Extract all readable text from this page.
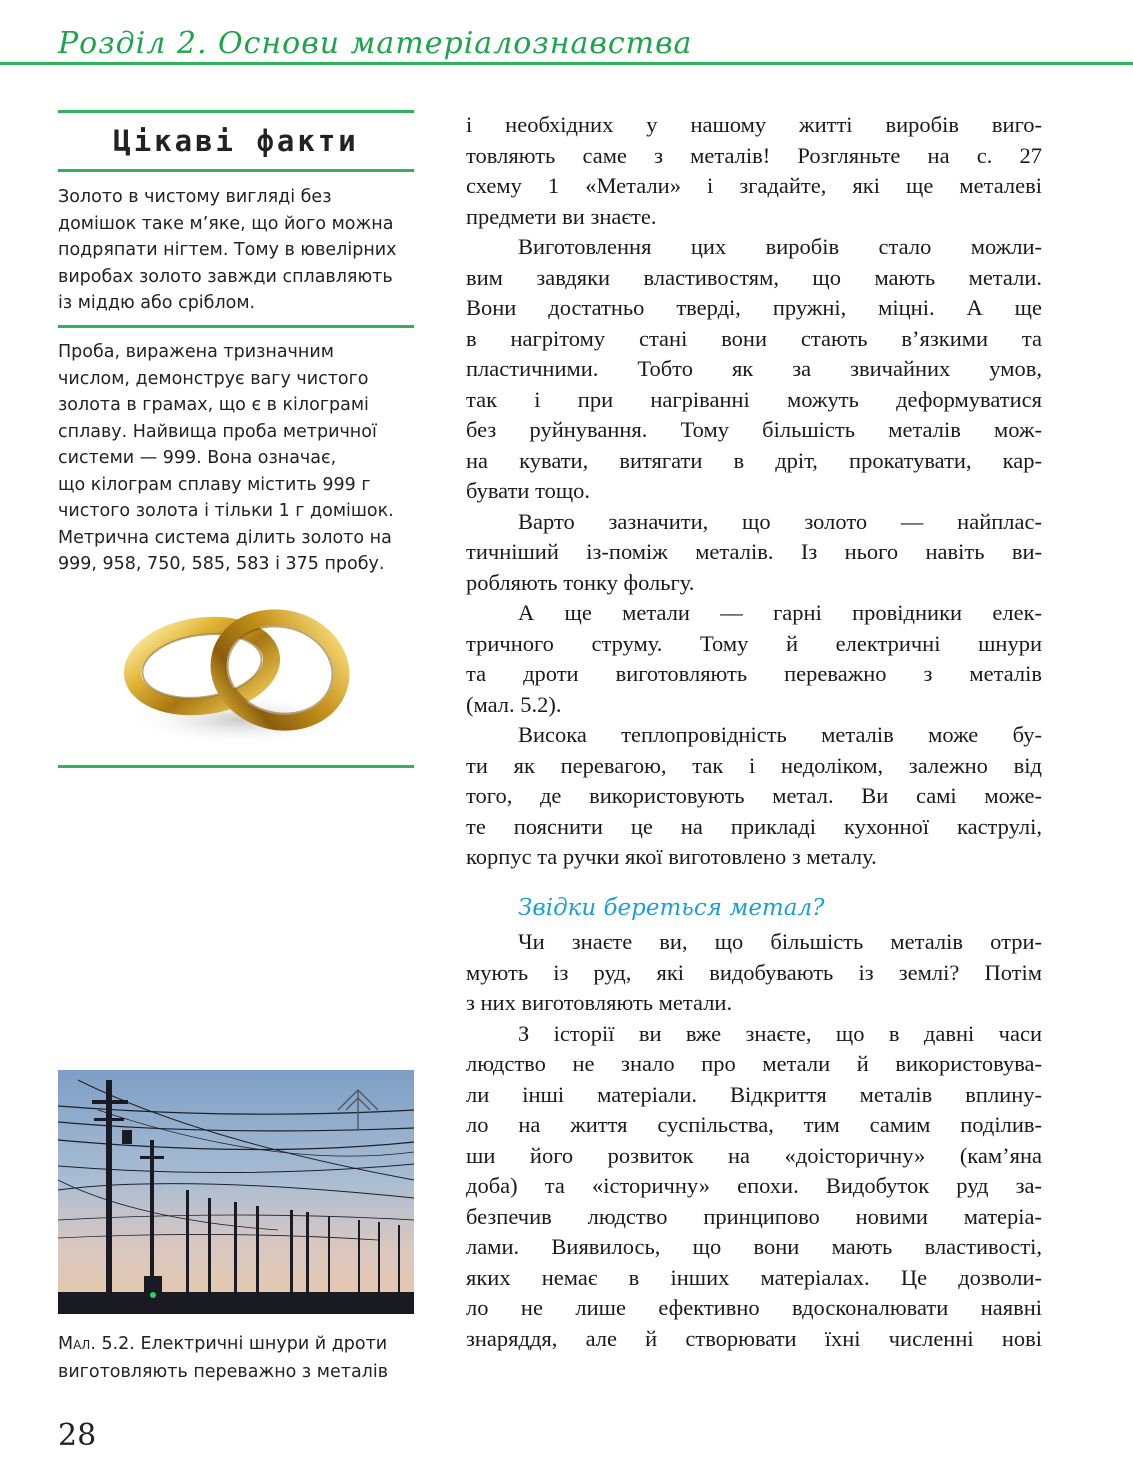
Розділ 2. Основи матеріалознавства
Цікаві факти
Золото в чистому вигляді без
домішок таке м’яке, що його можна
подряпати нігтем. Тому в ювелірних
виробах золото завжди сплавляють
із міддю або сріблом.
Проба, виражена тризначним
числом, демонструє вагу чистого
золота в грамах, що є в кілограмі
сплаву. Найвища проба метричної
системи — 999. Вона означає,
що кілограм сплаву містить 999 г
чистого золота і тільки 1 г домішок.
Метрична система ділить золото на
999, 958, 750, 585, 583 і 375 пробу.
Мал. 5.2. Електричні шнури й дроти
виготовляють переважно з металів
28
і необхідних у нашому житті виробів виго-
товляють саме з металів! Розгляньте на с. 27
схему 1 «Метали» і згадайте, які ще металеві
предмети ви знаєте.
Виготовлення цих виробів стало можли-
вим завдяки властивостям, що мають метали.
Вони достатньо тверді, пружні, міцні. А ще
в нагрітому стані вони стають в’язкими та
пластичними. Тобто як за звичайних умов,
так і при нагріванні можуть деформуватися
без руйнування. Тому більшість металів мож-
на кувати, витягати в дріт, прокатувати, кар-
бувати тощо.
Варто зазначити, що золото — найплас-
тичніший із-поміж металів. Із нього навіть ви-
робляють тонку фольгу.
А ще метали — гарні провідники елек-
тричного струму. Тому й електричні шнури
та дроти виготовляють переважно з металів
(мал. 5.2).
Висока теплопровідність металів може бу-
ти як перевагою, так і недоліком, залежно від
того, де використовують метал. Ви самі може-
те пояснити це на прикладі кухонної каструлі,
корпус та ручки якої виготовлено з металу.
Звідки береться метал?
Чи знаєте ви, що більшість металів отри-
мують із руд, які видобувають із землі? Потім
з них виготовляють метали.
З історії ви вже знаєте, що в давні часи
людство не знало про метали й використовува-
ли інші матеріали. Відкриття металів вплину-
ло на життя суспільства, тим самим поділив-
ши його розвиток на «доісторичну» (кам’яна
доба) та «історичну» епохи. Видобуток руд за-
безпечив людство принципово новими матеріа-
лами. Виявилось, що вони мають властивості,
яких немає в інших матеріалах. Це дозволи-
ло не лише ефективно вдосконалювати наявні
знаряддя, але й створювати їхні численні нові
